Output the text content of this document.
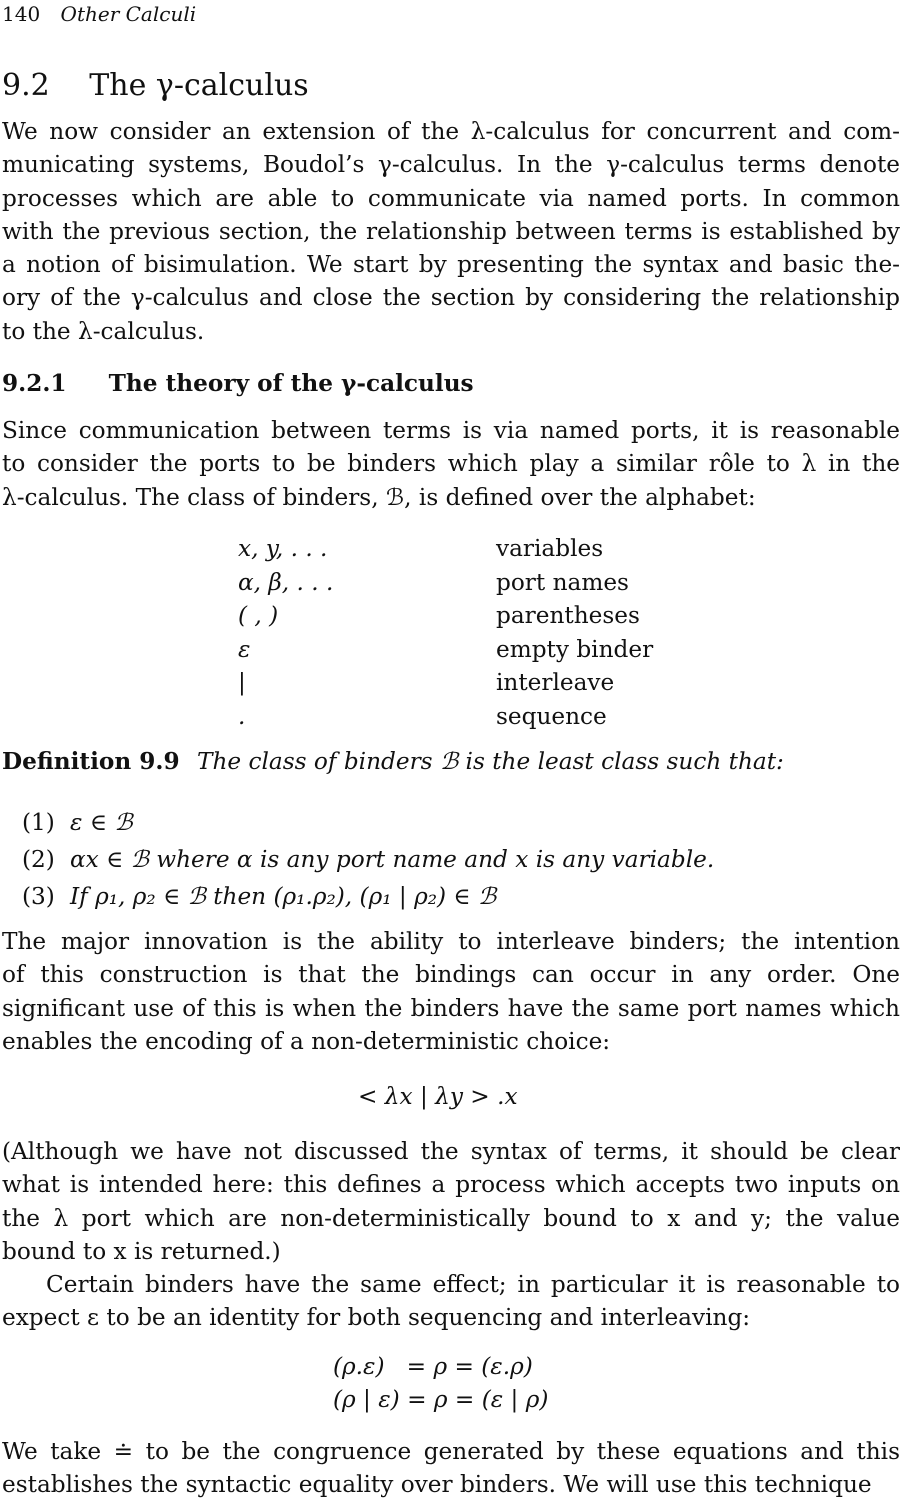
140 Other Calculi
9.2 The γ-calculus

We now consider an extension of the λ-calculus for concurrent and com-
municating systems, Boudol’s γ-calculus. In the γ-calculus terms denote
processes which are able to communicate via named ports. In common
with the previous section, the relationship between terms is established by
a notion of bisimulation. We start by presenting the syntax and basic the-
ory of the γ-calculus and close the section by considering the relationship
to the λ-calculus.

9.2.1 The theory of the γ-calculus

Since communication between terms is via named ports, it is reasonable
to consider the ports to be binders which play a similar rôle to λ in the
λ-calculus. The class of binders, ℬ, is defined over the alphabet:

x, y, . . .	variables
α, β, . . .	port names
( , )	parentheses
ε	empty binder
|	interleave
.	sequence
Definition 9.9 The class of binders ℬ is the least class such that:
(1) ε ∈ ℬ
(2) αx ∈ ℬ where α is any port name and x is any variable.
(3) If ρ₁, ρ₂ ∈ ℬ then (ρ₁.ρ₂), (ρ₁ | ρ₂) ∈ ℬ

The major innovation is the ability to interleave binders; the intention
of this construction is that the bindings can occur in any order. One
significant use of this is when the binders have the same port names which
enables the encoding of a non-deterministic choice:

< λx | λy > .x

(Although we have not discussed the syntax of terms, it should be clear
what is intended here: this defines a process which accepts two inputs on
the λ port which are non-deterministically bound to x and y; the value
bound to x is returned.)

Certain binders have the same effect; in particular it is reasonable to
expect ε to be an identity for both sequencing and interleaving:

(ρ.ε)   = ρ = (ε.ρ)
(ρ | ε) = ρ = (ε | ρ)

We take ≐ to be the congruence generated by these equations and this
establishes the syntactic equality over binders. We will use this technique
